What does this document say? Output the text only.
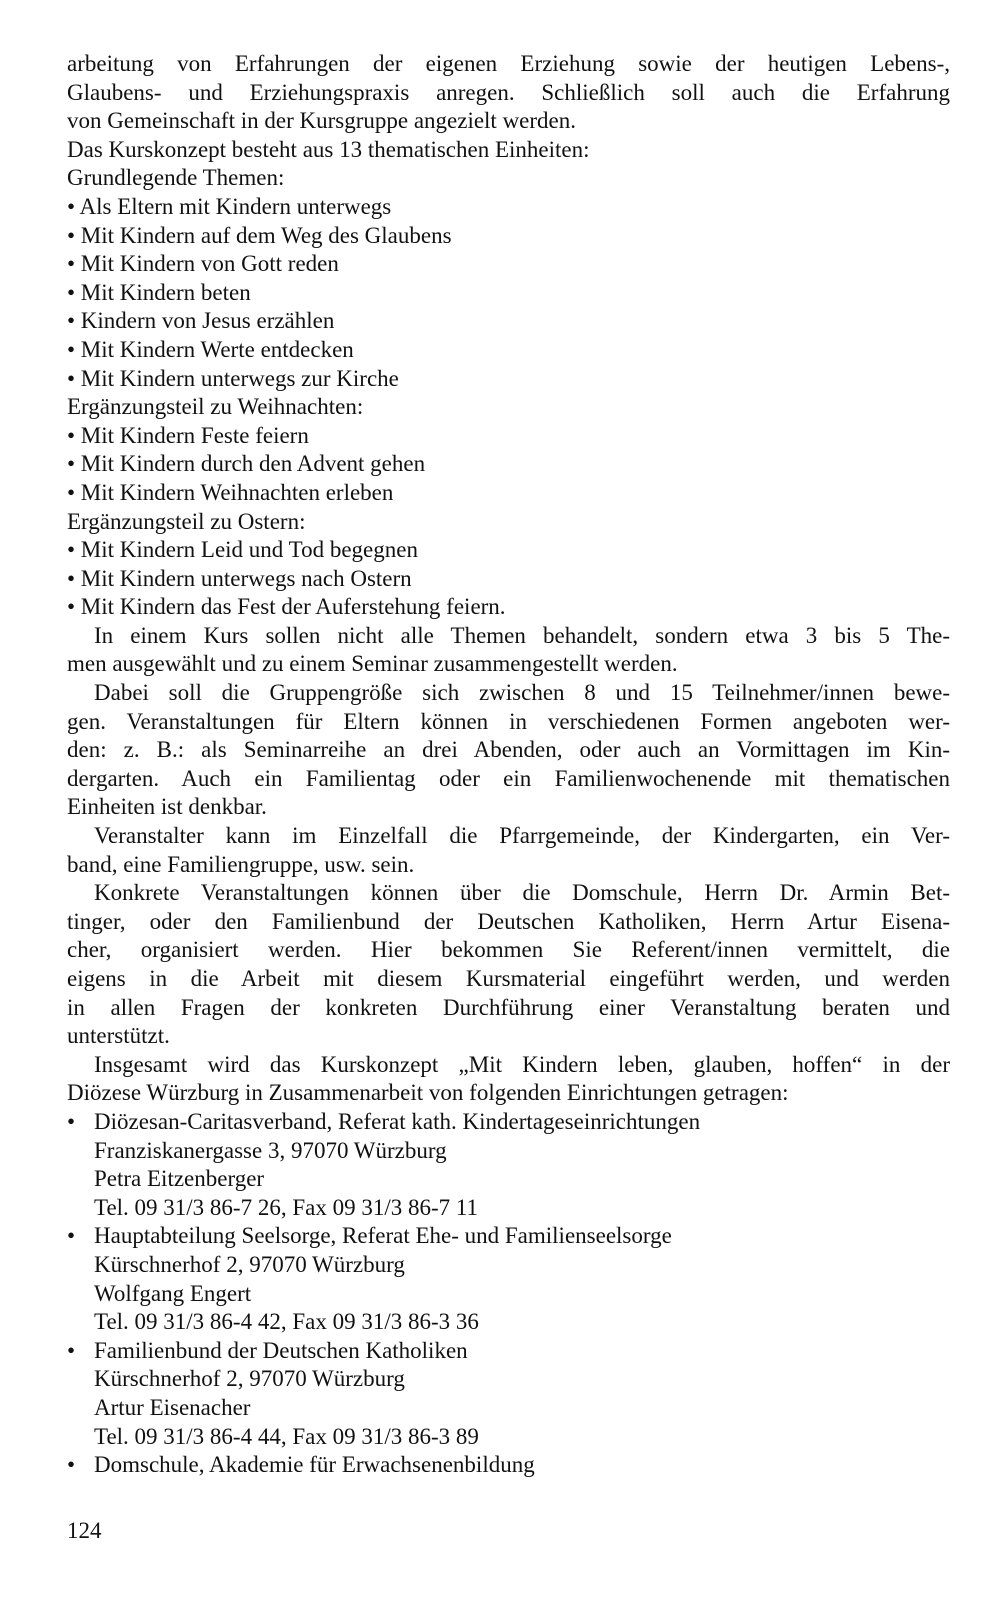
arbeitung von Erfahrungen der eigenen Erziehung sowie der heutigen Lebens-,
Glaubens- und Erziehungspraxis anregen. Schließlich soll auch die Erfahrung
von Gemeinschaft in der Kursgruppe angezielt werden.
Das Kurskonzept besteht aus 13 thematischen Einheiten:
Grundlegende Themen:
• Als Eltern mit Kindern unterwegs
• Mit Kindern auf dem Weg des Glaubens
• Mit Kindern von Gott reden
• Mit Kindern beten
• Kindern von Jesus erzählen
• Mit Kindern Werte entdecken
• Mit Kindern unterwegs zur Kirche
Ergänzungsteil zu Weihnachten:
• Mit Kindern Feste feiern
• Mit Kindern durch den Advent gehen
• Mit Kindern Weihnachten erleben
Ergänzungsteil zu Ostern:
• Mit Kindern Leid und Tod begegnen
• Mit Kindern unterwegs nach Ostern
• Mit Kindern das Fest der Auferstehung feiern.
In einem Kurs sollen nicht alle Themen behandelt, sondern etwa 3 bis 5 The-
men ausgewählt und zu einem Seminar zusammengestellt werden.
Dabei soll die Gruppengröße sich zwischen 8 und 15 Teilnehmer/innen bewe-
gen. Veranstaltungen für Eltern können in verschiedenen Formen angeboten wer-
den: z. B.: als Seminarreihe an drei Abenden, oder auch an Vormittagen im Kin-
dergarten. Auch ein Familientag oder ein Familienwochenende mit thematischen
Einheiten ist denkbar.
Veranstalter kann im Einzelfall die Pfarrgemeinde, der Kindergarten, ein Ver-
band, eine Familiengruppe, usw. sein.
Konkrete Veranstaltungen können über die Domschule, Herrn Dr. Armin Bet-
tinger, oder den Familienbund der Deutschen Katholiken, Herrn Artur Eisena-
cher, organisiert werden. Hier bekommen Sie Referent/innen vermittelt, die
eigens in die Arbeit mit diesem Kursmaterial eingeführt werden, und werden
in allen Fragen der konkreten Durchführung einer Veranstaltung beraten und
unterstützt.
Insgesamt wird das Kurskonzept „Mit Kindern leben, glauben, hoffen“ in der
Diözese Würzburg in Zusammenarbeit von folgenden Einrichtungen getragen:
• Diözesan-Caritasverband, Referat kath. Kindertageseinrichtungen
Franziskanergasse 3, 97070 Würzburg
Petra Eitzenberger
Tel. 09 31/3 86-7 26, Fax 09 31/3 86-7 11
• Hauptabteilung Seelsorge, Referat Ehe- und Familienseelsorge
Kürschnerhof 2, 97070 Würzburg
Wolfgang Engert
Tel. 09 31/3 86-4 42, Fax 09 31/3 86-3 36
• Familienbund der Deutschen Katholiken
Kürschnerhof 2, 97070 Würzburg
Artur Eisenacher
Tel. 09 31/3 86-4 44, Fax 09 31/3 86-3 89
• Domschule, Akademie für Erwachsenenbildung
124
